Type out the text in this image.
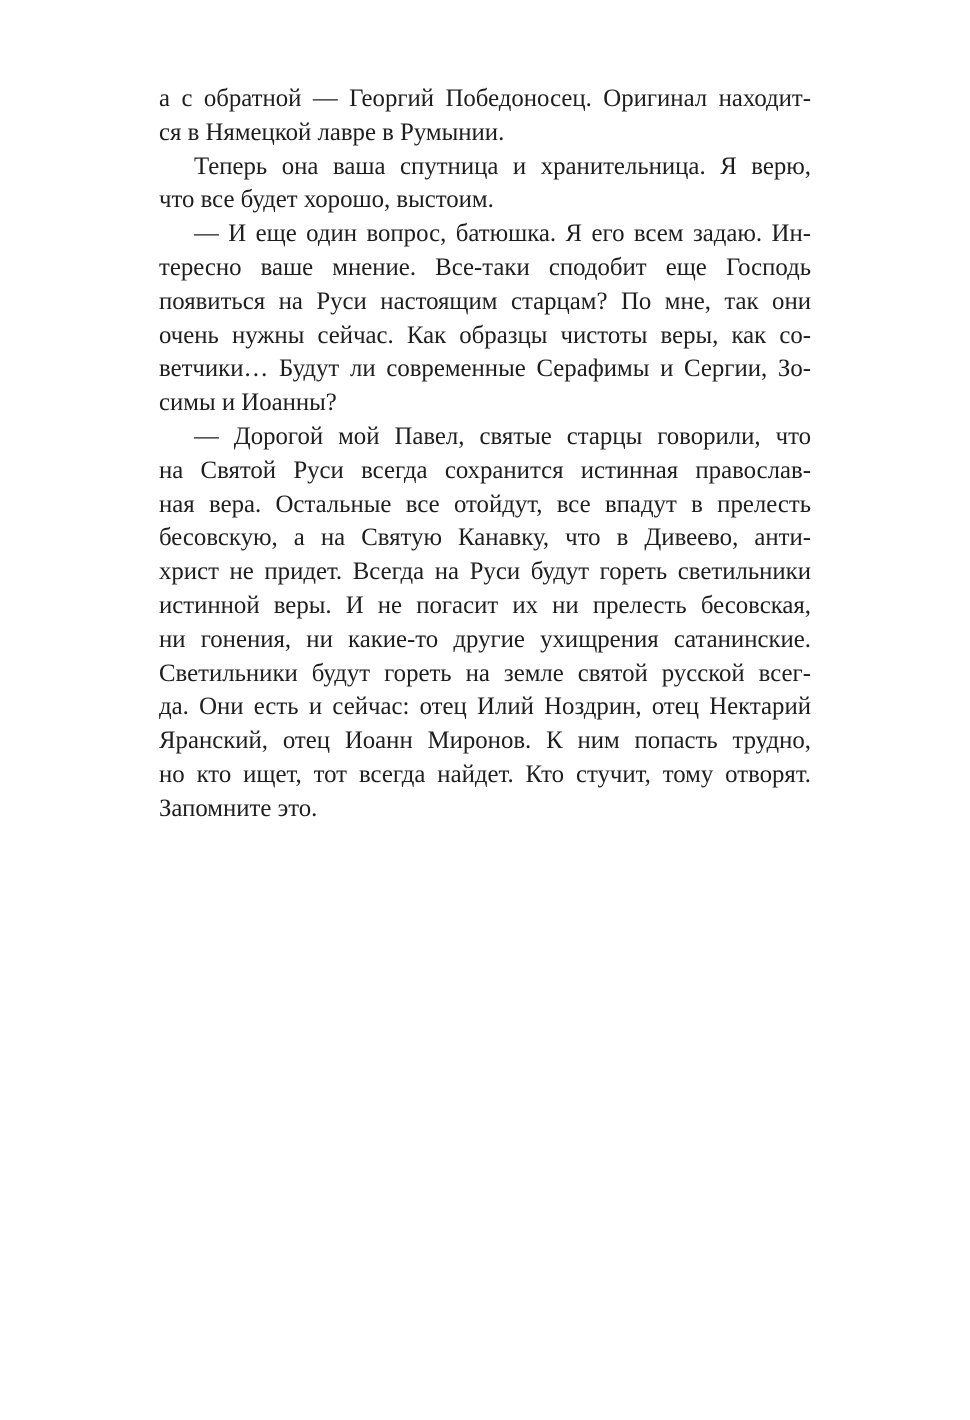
а с обратной — Георгий Победоносец. Оригинал находит-
ся в Нямецкой лавре в Румынии.
Теперь она ваша спутница и хранительница. Я верю,
что все будет хорошо, выстоим.
— И еще один вопрос, батюшка. Я его всем задаю. Ин-
тересно ваше мнение. Все-таки сподобит еще Господь
появиться на Руси настоящим старцам? По мне, так они
очень нужны сейчас. Как образцы чистоты веры, как со-
ветчики… Будут ли современные Серафимы и Сергии, Зо-
симы и Иоанны?
— Дорогой мой Павел, святые старцы говорили, что
на Святой Руси всегда сохранится истинная православ-
ная вера. Остальные все отойдут, все впадут в прелесть
бесовскую, а на Святую Канавку, что в Дивеево, анти-
христ не придет. Всегда на Руси будут гореть светильники
истинной веры. И не погасит их ни прелесть бесовская,
ни гонения, ни какие-то другие ухищрения сатанинские.
Светильники будут гореть на земле святой русской всег-
да. Они есть и сейчас: отец Илий Ноздрин, отец Нектарий
Яранский, отец Иоанн Миронов. К ним попасть трудно,
но кто ищет, тот всегда найдет. Кто стучит, тому отворят.
Запомните это.
